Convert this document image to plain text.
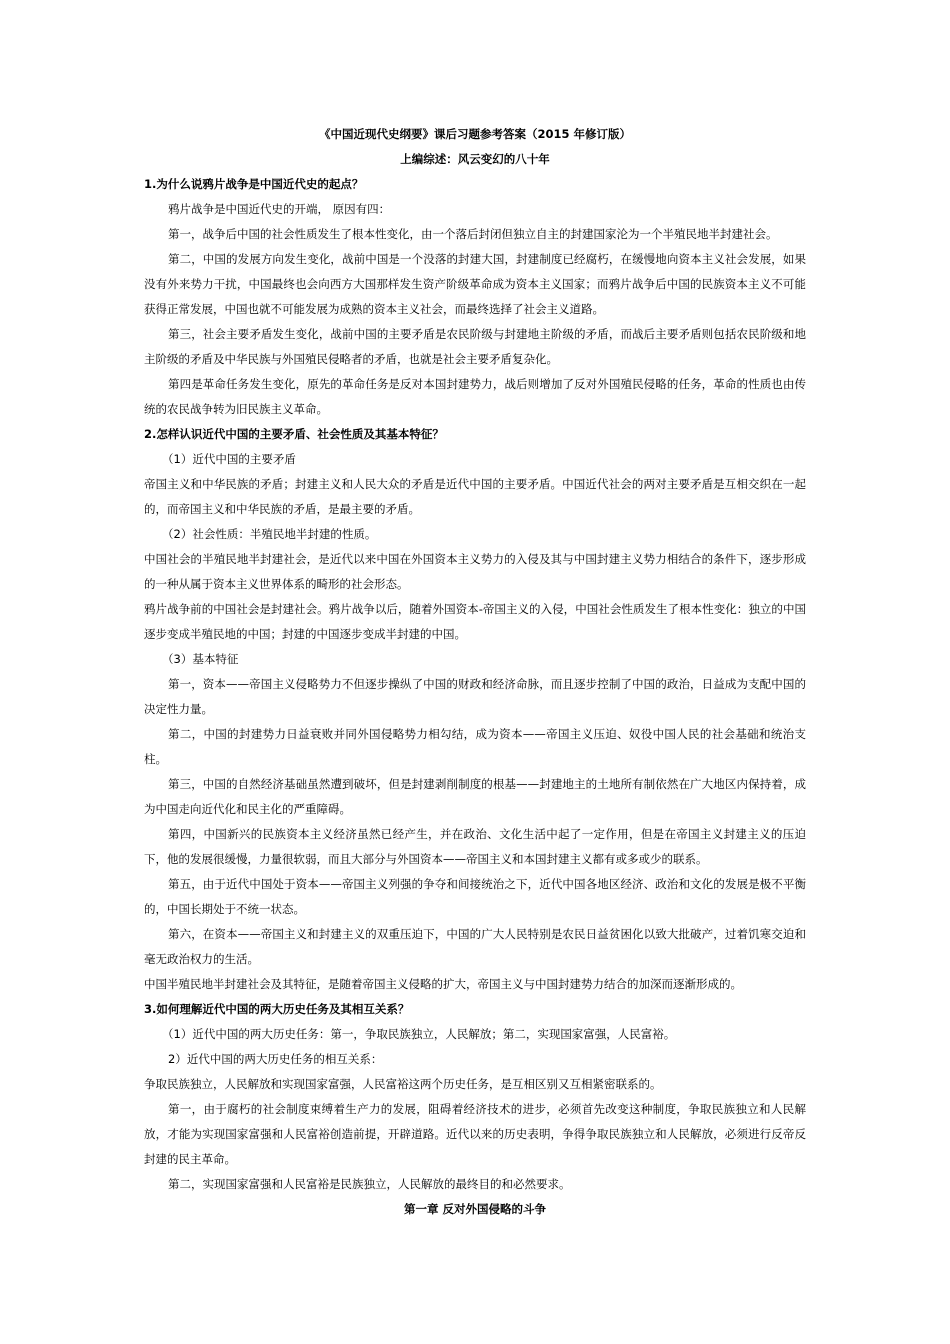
《中国近现代史纲要》课后习题参考答案（2015 年修订版）

上编综述：风云变幻的八十年

1.为什么说鸦片战争是中国近代史的起点？

鸦片战争是中国近代史的开端， 原因有四：

第一，战争后中国的社会性质发生了根本性变化，由一个落后封闭但独立自主的封建国家沦为一个半殖民地半封建社会。

第二，中国的发展方向发生变化，战前中国是一个没落的封建大国，封建制度已经腐朽，在缓慢地向资本主义社会发展，如果没有外来势力干扰，中国最终也会向西方大国那样发生资产阶级革命成为资本主义国家；而鸦片战争后中国的民族资本主义不可能获得正常发展，中国也就不可能发展为成熟的资本主义社会，而最终选择了社会主义道路。

第三，社会主要矛盾发生变化，战前中国的主要矛盾是农民阶级与封建地主阶级的矛盾，而战后主要矛盾则包括农民阶级和地主阶级的矛盾及中华民族与外国殖民侵略者的矛盾，也就是社会主要矛盾复杂化。

第四是革命任务发生变化，原先的革命任务是反对本国封建势力，战后则增加了反对外国殖民侵略的任务，革命的性质也由传统的农民战争转为旧民族主义革命。

2.怎样认识近代中国的主要矛盾、社会性质及其基本特征？

（1）近代中国的主要矛盾

帝国主义和中华民族的矛盾；封建主义和人民大众的矛盾是近代中国的主要矛盾。中国近代社会的两对主要矛盾是互相交织在一起的，而帝国主义和中华民族的矛盾，是最主要的矛盾。

（2）社会性质：半殖民地半封建的性质。

中国社会的半殖民地半封建社会，是近代以来中国在外国资本主义势力的入侵及其与中国封建主义势力相结合的条件下，逐步形成的一种从属于资本主义世界体系的畸形的社会形态。

鸦片战争前的中国社会是封建社会。鸦片战争以后，随着外国资本-帝国主义的入侵，中国社会性质发生了根本性变化：独立的中国逐步变成半殖民地的中国；封建的中国逐步变成半封建的中国。

（3）基本特征

第一，资本——帝国主义侵略势力不但逐步操纵了中国的财政和经济命脉，而且逐步控制了中国的政治，日益成为支配中国的决定性力量。

第二，中国的封建势力日益衰败并同外国侵略势力相勾结，成为资本——帝国主义压迫、奴役中国人民的社会基础和统治支柱。

第三，中国的自然经济基础虽然遭到破坏，但是封建剥削制度的根基——封建地主的土地所有制依然在广大地区内保持着，成为中国走向近代化和民主化的严重障碍。

第四，中国新兴的民族资本主义经济虽然已经产生，并在政治、文化生活中起了一定作用，但是在帝国主义封建主义的压迫下，他的发展很缓慢，力量很软弱，而且大部分与外国资本——帝国主义和本国封建主义都有或多或少的联系。

第五，由于近代中国处于资本——帝国主义列强的争夺和间接统治之下，近代中国各地区经济、政治和文化的发展是极不平衡的，中国长期处于不统一状态。

第六，在资本——帝国主义和封建主义的双重压迫下，中国的广大人民特别是农民日益贫困化以致大批破产，过着饥寒交迫和毫无政治权力的生活。

中国半殖民地半封建社会及其特征，是随着帝国主义侵略的扩大，帝国主义与中国封建势力结合的加深而逐渐形成的。

3.如何理解近代中国的两大历史任务及其相互关系？

（1）近代中国的两大历史任务：第一，争取民族独立，人民解放；第二，实现国家富强，人民富裕。

2）近代中国的两大历史任务的相互关系：

争取民族独立，人民解放和实现国家富强，人民富裕这两个历史任务，是互相区别又互相紧密联系的。

第一，由于腐朽的社会制度束缚着生产力的发展，阻碍着经济技术的进步，必须首先改变这种制度，争取民族独立和人民解放，才能为实现国家富强和人民富裕创造前提，开辟道路。近代以来的历史表明，争得争取民族独立和人民解放，必须进行反帝反封建的民主革命。

第二，实现国家富强和人民富裕是民族独立，人民解放的最终目的和必然要求。

第一章 反对外国侵略的斗争
